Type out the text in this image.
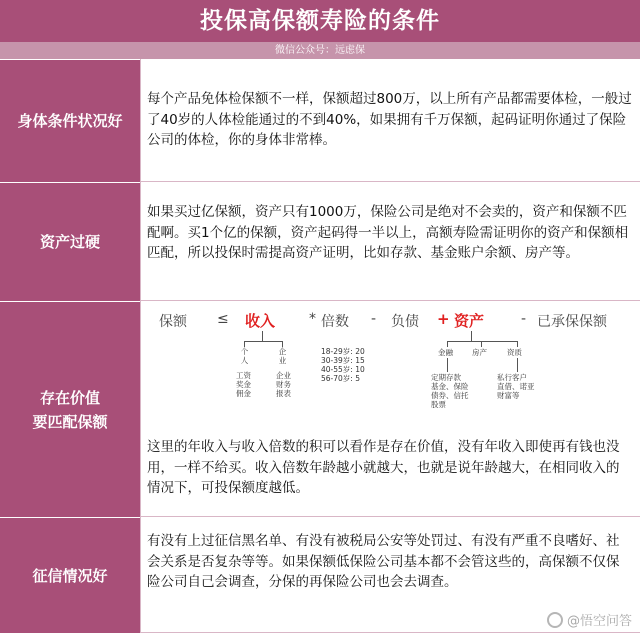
投保高保额寿险的条件
微信公众号：远虑保
身体条件状况好
每个产品免体检保额不一样，保额超过800万，以上所有产品都需要体检，一般过了40岁的人体检能通过的不到40%，如果拥有千万保额，起码证明你通过了保险公司的体检，你的身体非常棒。
资产过硬
如果买过亿保额，资产只有1000万，保险公司是绝对不会卖的，资产和保额不匹配啊。买1个亿的保额，资产起码得一半以上，高额寿险需证明你的资产和保额相匹配，所以投保时需提高资产证明，比如存款、基金账户余额、房产等。
存在价值
要匹配保额
保额 ≤ 收入 * 倍数 - 负债 + 资产	- 已承保保额
个人
企业
工资
奖金
佣金
企业
财务
报表
18-29岁: 20
30-39岁: 15
40-55岁: 10
56-70岁: 5
金融	房产	资质
定期存款
基金、保险
债券、信托
股票
私行客户
直借、诺亚
财富等
这里的年收入与收入倍数的积可以看作是存在价值，没有年收入即使再有钱也没用，一样不给买。收入倍数年龄越小就越大，也就是说年龄越大，在相同收入的情况下，可投保额度越低。
征信情况好
有没有上过征信黑名单、有没有被税局公安等处罚过、有没有严重不良嗜好、社会关系是否复杂等等。如果保额低保险公司基本都不会管这些的，高保额不仅保险公司自己会调查，分保的再保险公司也会去调查。
@悟空问答
